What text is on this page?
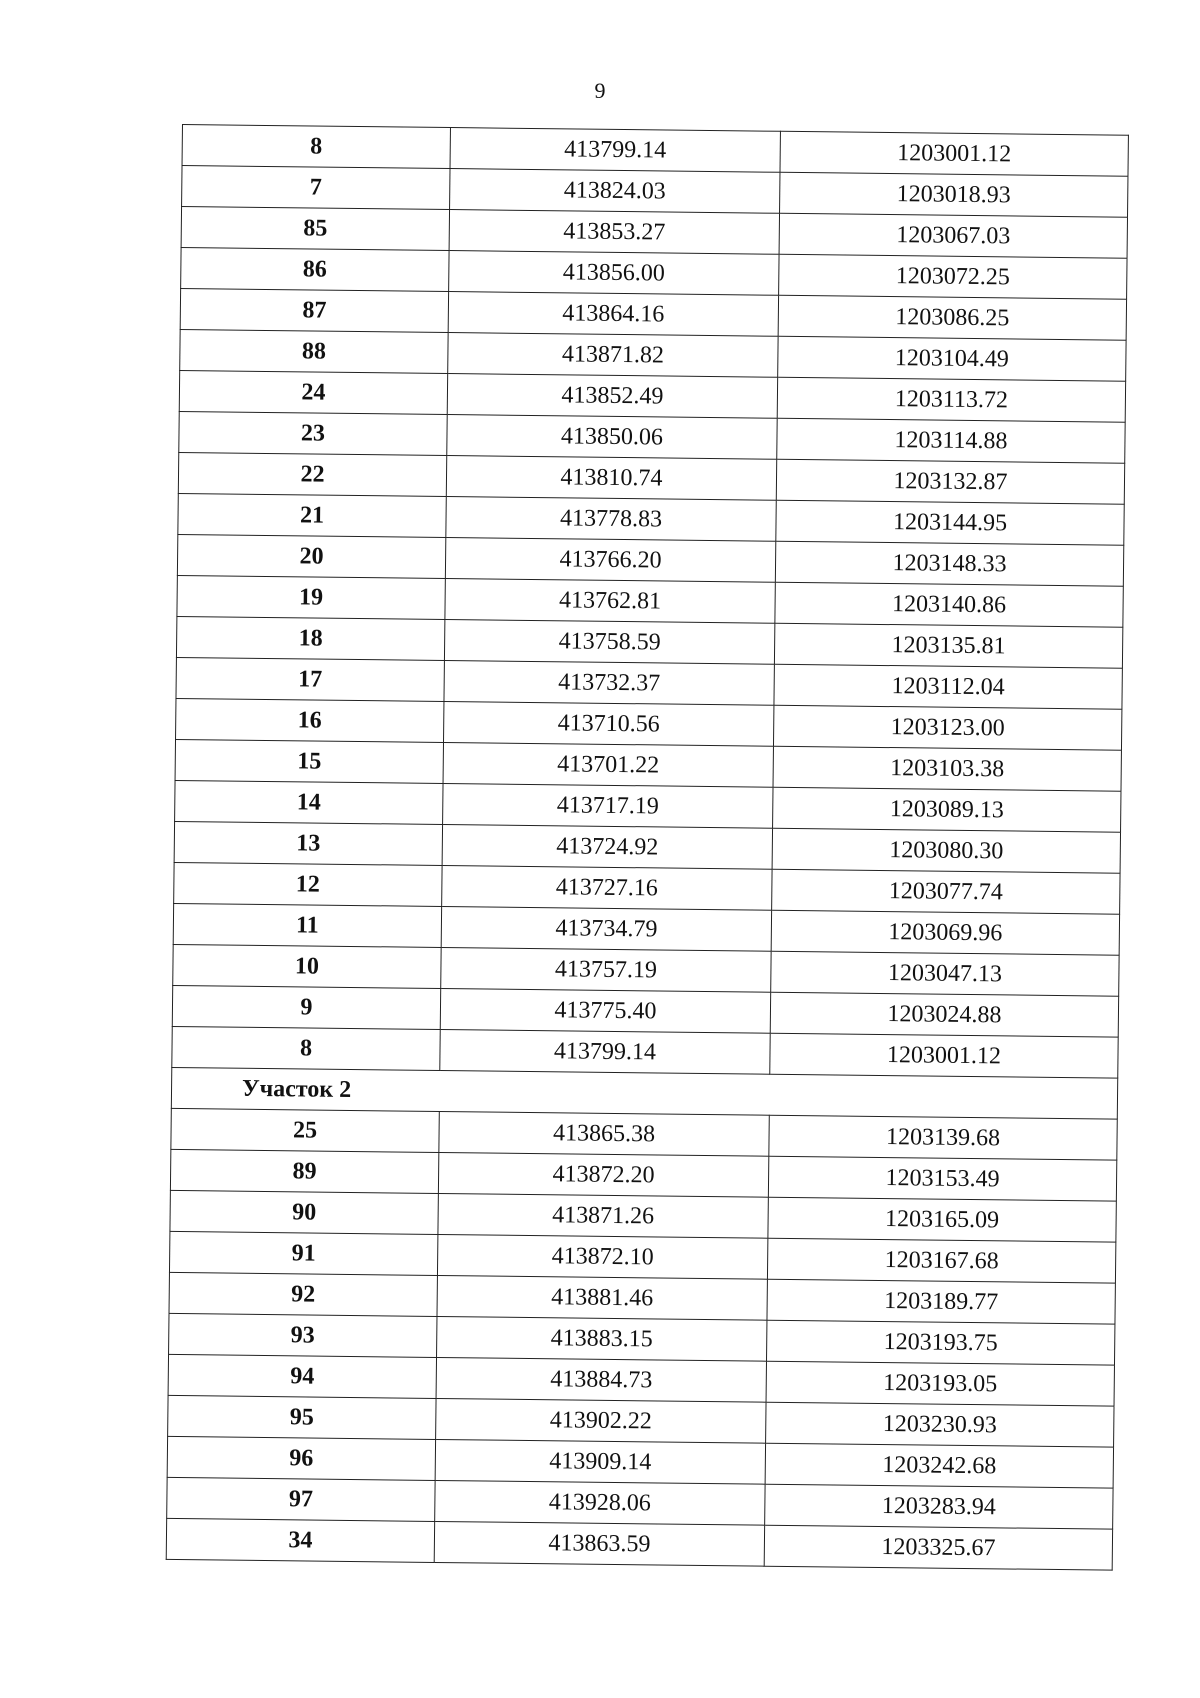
9
8	413799.14	1203001.12
7	413824.03	1203018.93
85	413853.27	1203067.03
86	413856.00	1203072.25
87	413864.16	1203086.25
88	413871.82	1203104.49
24	413852.49	1203113.72
23	413850.06	1203114.88
22	413810.74	1203132.87
21	413778.83	1203144.95
20	413766.20	1203148.33
19	413762.81	1203140.86
18	413758.59	1203135.81
17	413732.37	1203112.04
16	413710.56	1203123.00
15	413701.22	1203103.38
14	413717.19	1203089.13
13	413724.92	1203080.30
12	413727.16	1203077.74
11	413734.79	1203069.96
10	413757.19	1203047.13
9	413775.40	1203024.88
8	413799.14	1203001.12
Участок 2		
25	413865.38	1203139.68
89	413872.20	1203153.49
90	413871.26	1203165.09
91	413872.10	1203167.68
92	413881.46	1203189.77
93	413883.15	1203193.75
94	413884.73	1203193.05
95	413902.22	1203230.93
96	413909.14	1203242.68
97	413928.06	1203283.94
34	413863.59	1203325.67
